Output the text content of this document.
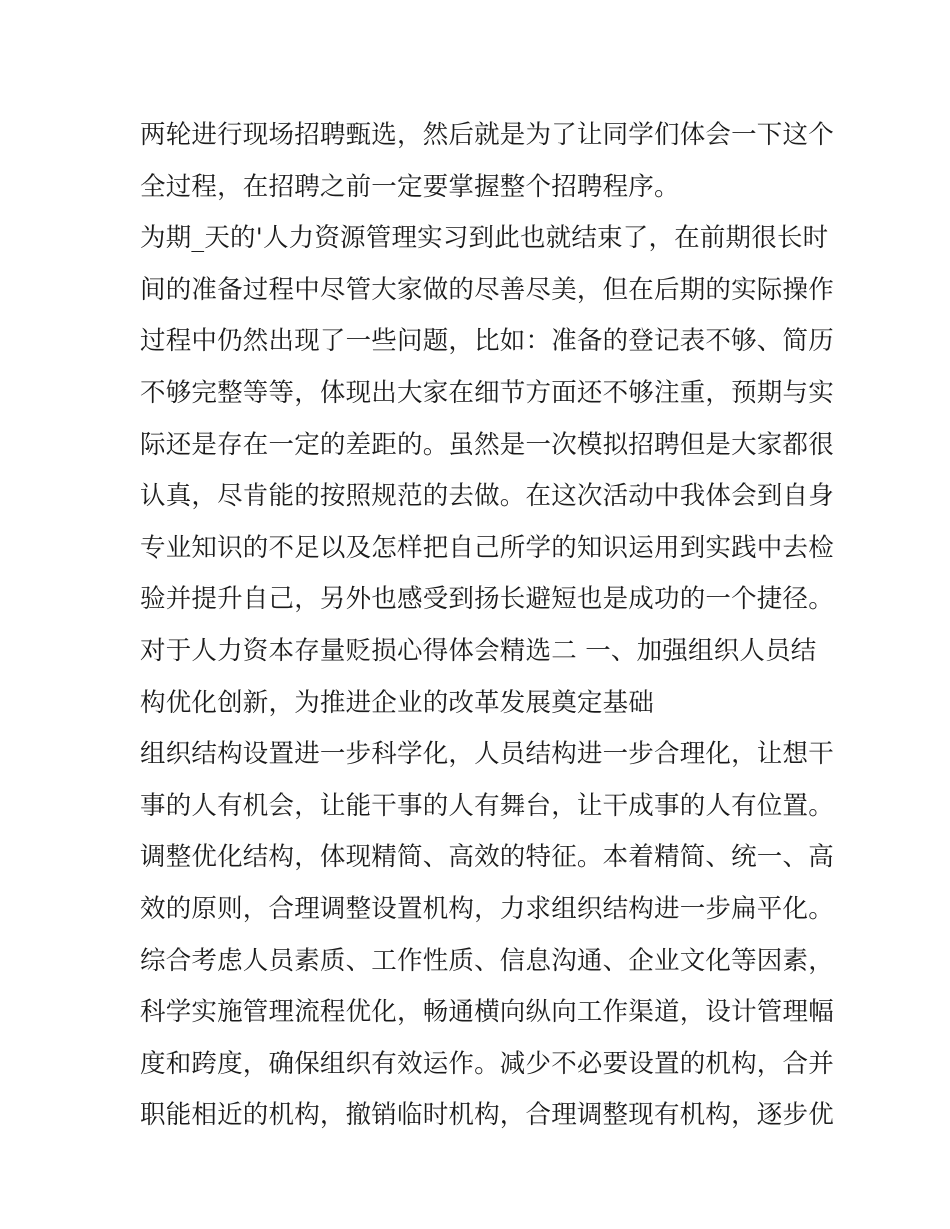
两轮进行现场招聘甄选，然后就是为了让同学们体会一下这个
全过程，在招聘之前一定要掌握整个招聘程序。
为期_天的'人力资源管理实习到此也就结束了，在前期很长时
间的准备过程中尽管大家做的尽善尽美，但在后期的实际操作
过程中仍然出现了一些问题，比如：准备的登记表不够、简历
不够完整等等，体现出大家在细节方面还不够注重，预期与实
际还是存在一定的差距的。虽然是一次模拟招聘但是大家都很
认真，尽肯能的按照规范的去做。在这次活动中我体会到自身
专业知识的不足以及怎样把自己所学的知识运用到实践中去检
验并提升自己，另外也感受到扬长避短也是成功的一个捷径。
对于人力资本存量贬损心得体会精选二 一、加强组织人员结
构优化创新，为推进企业的改革发展奠定基础
组织结构设置进一步科学化，人员结构进一步合理化，让想干
事的人有机会，让能干事的人有舞台，让干成事的人有位置。
调整优化结构，体现精简、高效的特征。本着精简、统一、高
效的原则，合理调整设置机构，力求组织结构进一步扁平化。
综合考虑人员素质、工作性质、信息沟通、企业文化等因素，
科学实施管理流程优化，畅通横向纵向工作渠道，设计管理幅
度和跨度，确保组织有效运作。减少不必要设置的机构，合并
职能相近的机构，撤销临时机构，合理调整现有机构，逐步优
